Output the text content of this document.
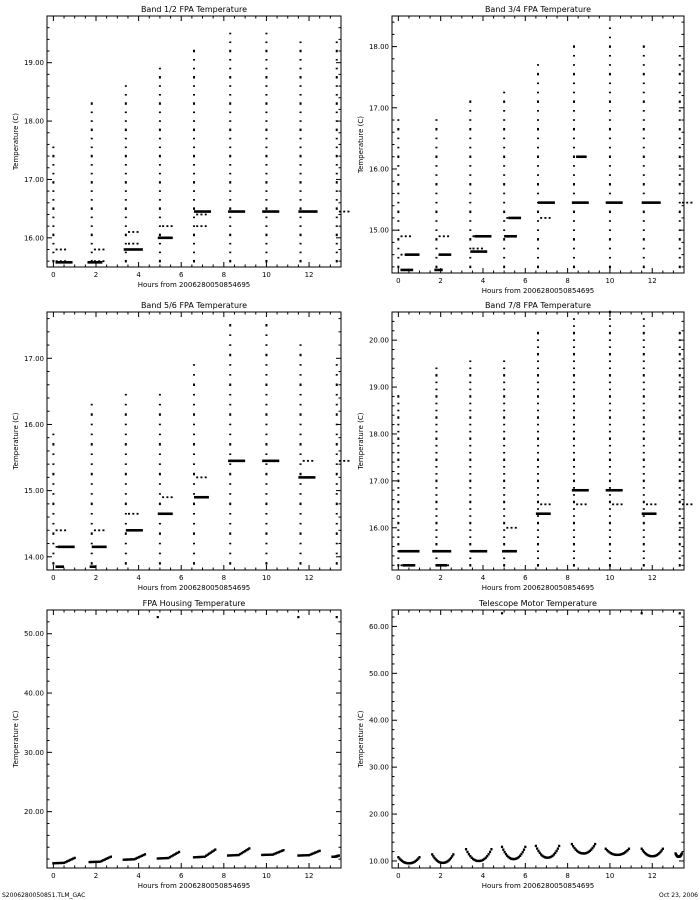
Band 1/2 FPA Temperature
Hours from 2006280050854695
Temperature (C)
0	2	4	6	8	10	12
16.00
17.00
18.00
19.00
Band 3/4 FPA Temperature
Hours from 2006280050854695
Temperature (C)
0	2	4	6	8	10	12
15.00
16.00
17.00
18.00
Band 5/6 FPA Temperature
Hours from 2006280050854695
Temperature (C)
0	2	4	6	8	10	12
14.00
15.00
16.00
17.00
Band 7/8 FPA Temperature
Hours from 2006280050854695
Temperature (C)
0	2	4	6	8	10	12
16.00
17.00
18.00
19.00
20.00
FPA Housing Temperature
Hours from 2006280050854695
Temperature (C)
0	2	4	6	8	10	12
20.00
30.00
40.00
50.00
Telescope Motor Temperature
Hours from 2006280050854695
Temperature (C)
0	2	4	6	8	10	12
10.00
20.00
30.00
40.00
50.00
60.00
S2006280050851.TLM_GAC	Oct 23, 2006
